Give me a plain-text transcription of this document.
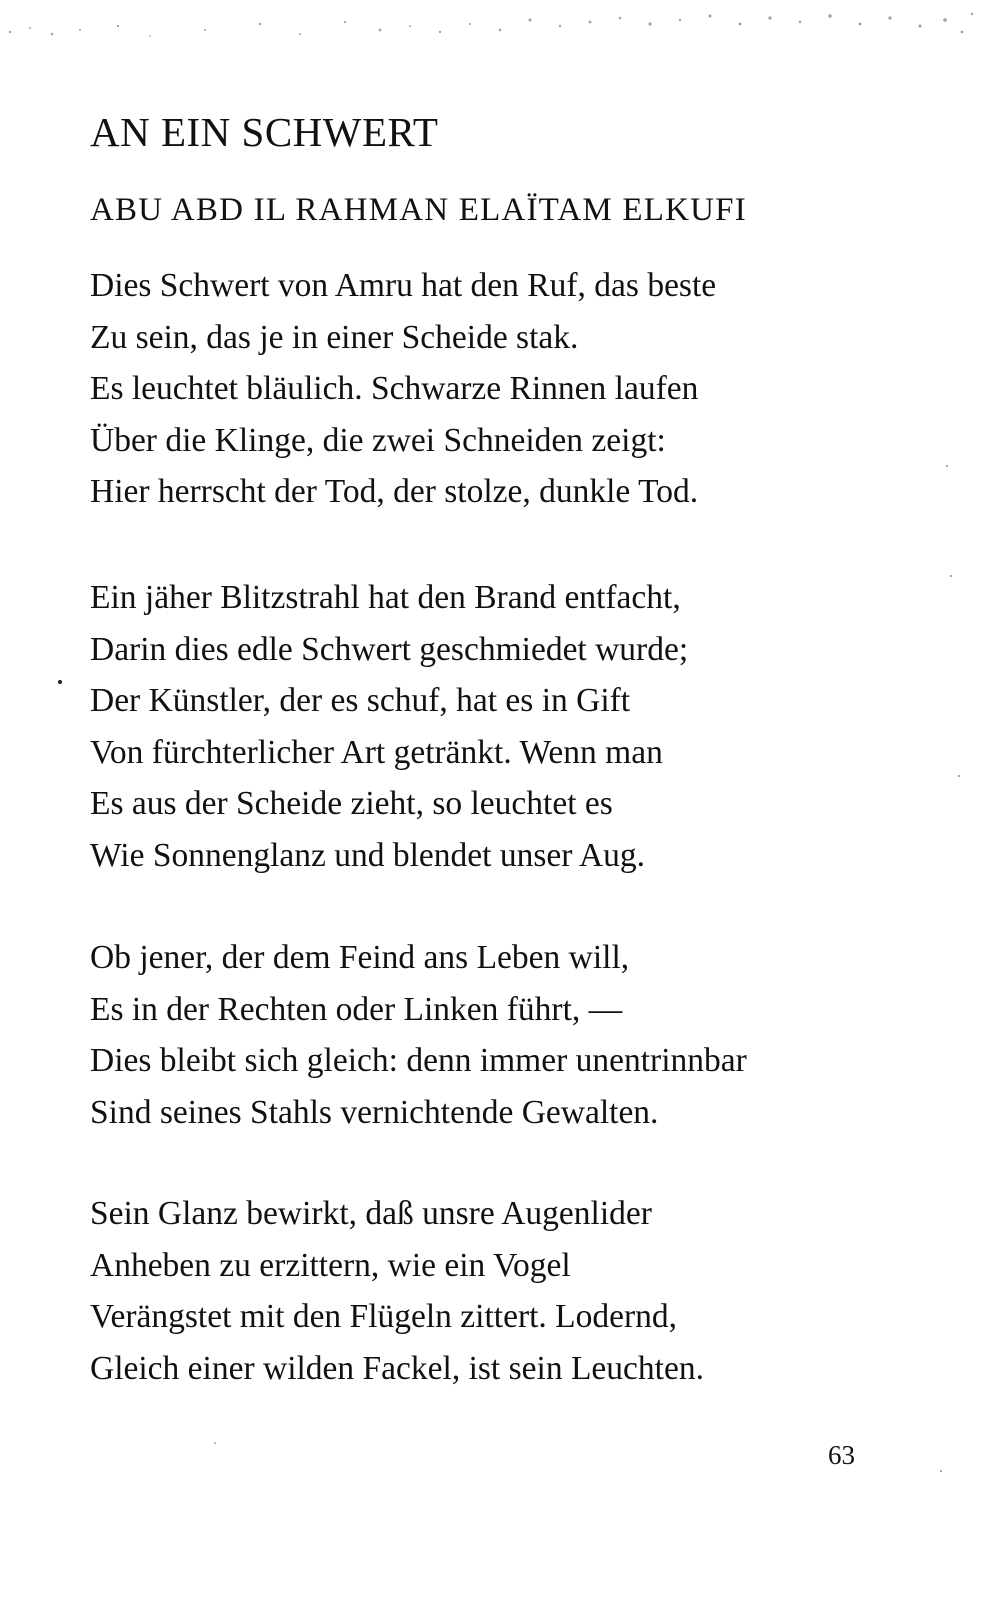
AN EIN SCHWERT
ABU ABD IL RAHMAN ELAÏTAM ELKUFI
Dies Schwert von Amru hat den Ruf, das beste
Zu sein, das je in einer Scheide stak.
Es leuchtet bläulich. Schwarze Rinnen laufen
Über die Klinge, die zwei Schneiden zeigt:
Hier herrscht der Tod, der stolze, dunkle Tod.
Ein jäher Blitzstrahl hat den Brand entfacht,
Darin dies edle Schwert geschmiedet wurde;
Der Künstler, der es schuf, hat es in Gift
Von fürchterlicher Art getränkt. Wenn man
Es aus der Scheide zieht, so leuchtet es
Wie Sonnenglanz und blendet unser Aug.
Ob jener, der dem Feind ans Leben will,
Es in der Rechten oder Linken führt, —
Dies bleibt sich gleich: denn immer unentrinnbar
Sind seines Stahls vernichtende Gewalten.
Sein Glanz bewirkt, daß unsre Augenlider
Anheben zu erzittern, wie ein Vogel
Verängstet mit den Flügeln zittert. Lodernd,
Gleich einer wilden Fackel, ist sein Leuchten.
63
